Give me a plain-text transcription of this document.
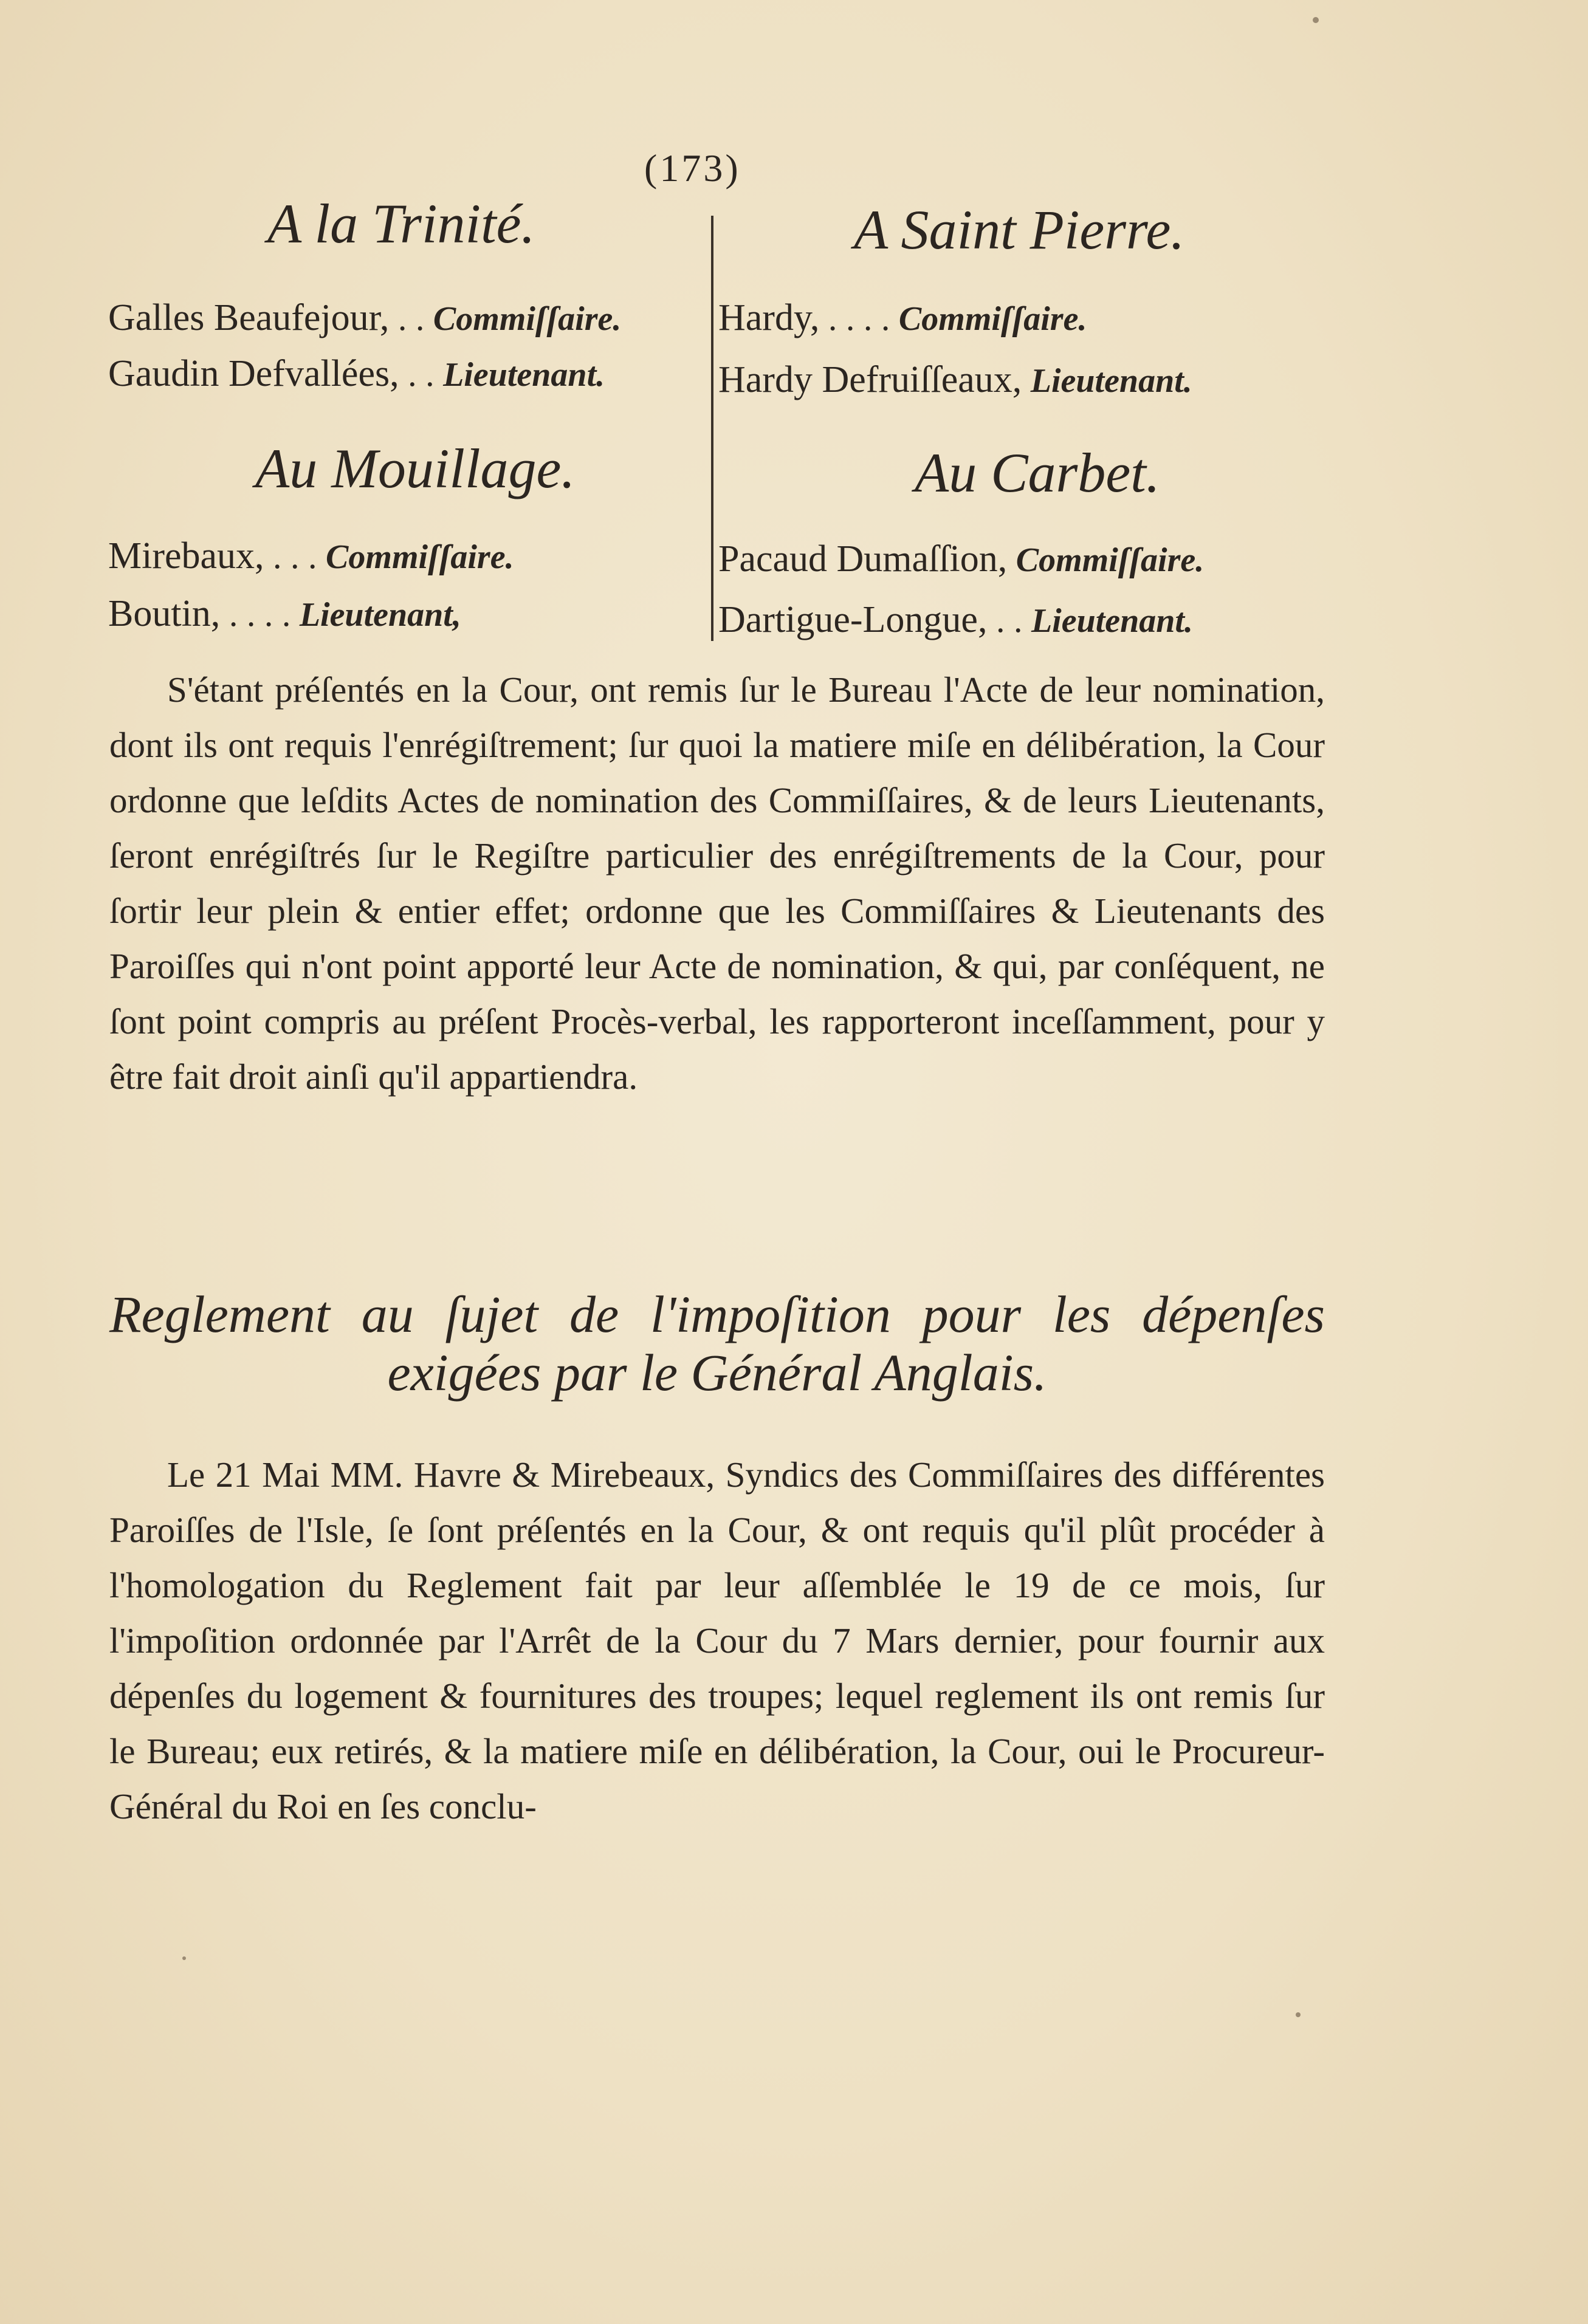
(173)
A la Trinité.
Galles Beaufejour, . . Commiſſaire.
Gaudin Defvallées, . . Lieutenant.
Au Mouillage.
Mirebaux, . . . Commiſſaire.
Boutin, . . . . Lieutenant,
A Saint Pierre.
Hardy, . . . . Commiſſaire.
Hardy Defruiſſeaux, Lieutenant.
Au Carbet.
Pacaud Dumaſſion, Commiſſaire.
Dartigue-Longue, . . Lieutenant.
S'étant préſentés en la Cour, ont remis ſur le Bureau l'Acte de leur nomination, dont ils ont requis l'enrégiſtrement; ſur quoi la matiere miſe en délibération, la Cour ordonne que leſdits Actes de nomination des Commiſſaires, & de leurs Lieutenants, ſeront enrégiſtrés ſur le Regiſtre particulier des enrégiſtrements de la Cour, pour ſortir leur plein & entier effet; ordonne que les Commiſſaires & Lieutenants des Paroiſſes qui n'ont point apporté leur Acte de nomination, & qui, par conſéquent, ne ſont point compris au préſent Procès-verbal, les rapporteront inceſſamment, pour y être fait droit ainſi qu'il appartiendra.
Reglement au ſujet de l'impoſition pour les dépenſes
exigées par le Général Anglais.
Le 21 Mai MM. Havre & Mirebeaux, Syndics des Commiſſaires des différentes Paroiſſes de l'Isle, ſe ſont préſentés en la Cour, & ont requis qu'il plût procéder à l'homologation du Reglement fait par leur aſſemblée le 19 de ce mois, ſur l'impoſition ordonnée par l'Arrêt de la Cour du 7 Mars dernier, pour fournir aux dépenſes du logement & fournitures des troupes; lequel reglement ils ont remis ſur le Bureau; eux retirés, & la matiere miſe en délibération, la Cour, oui le Procureur-Général du Roi en ſes conclu-
